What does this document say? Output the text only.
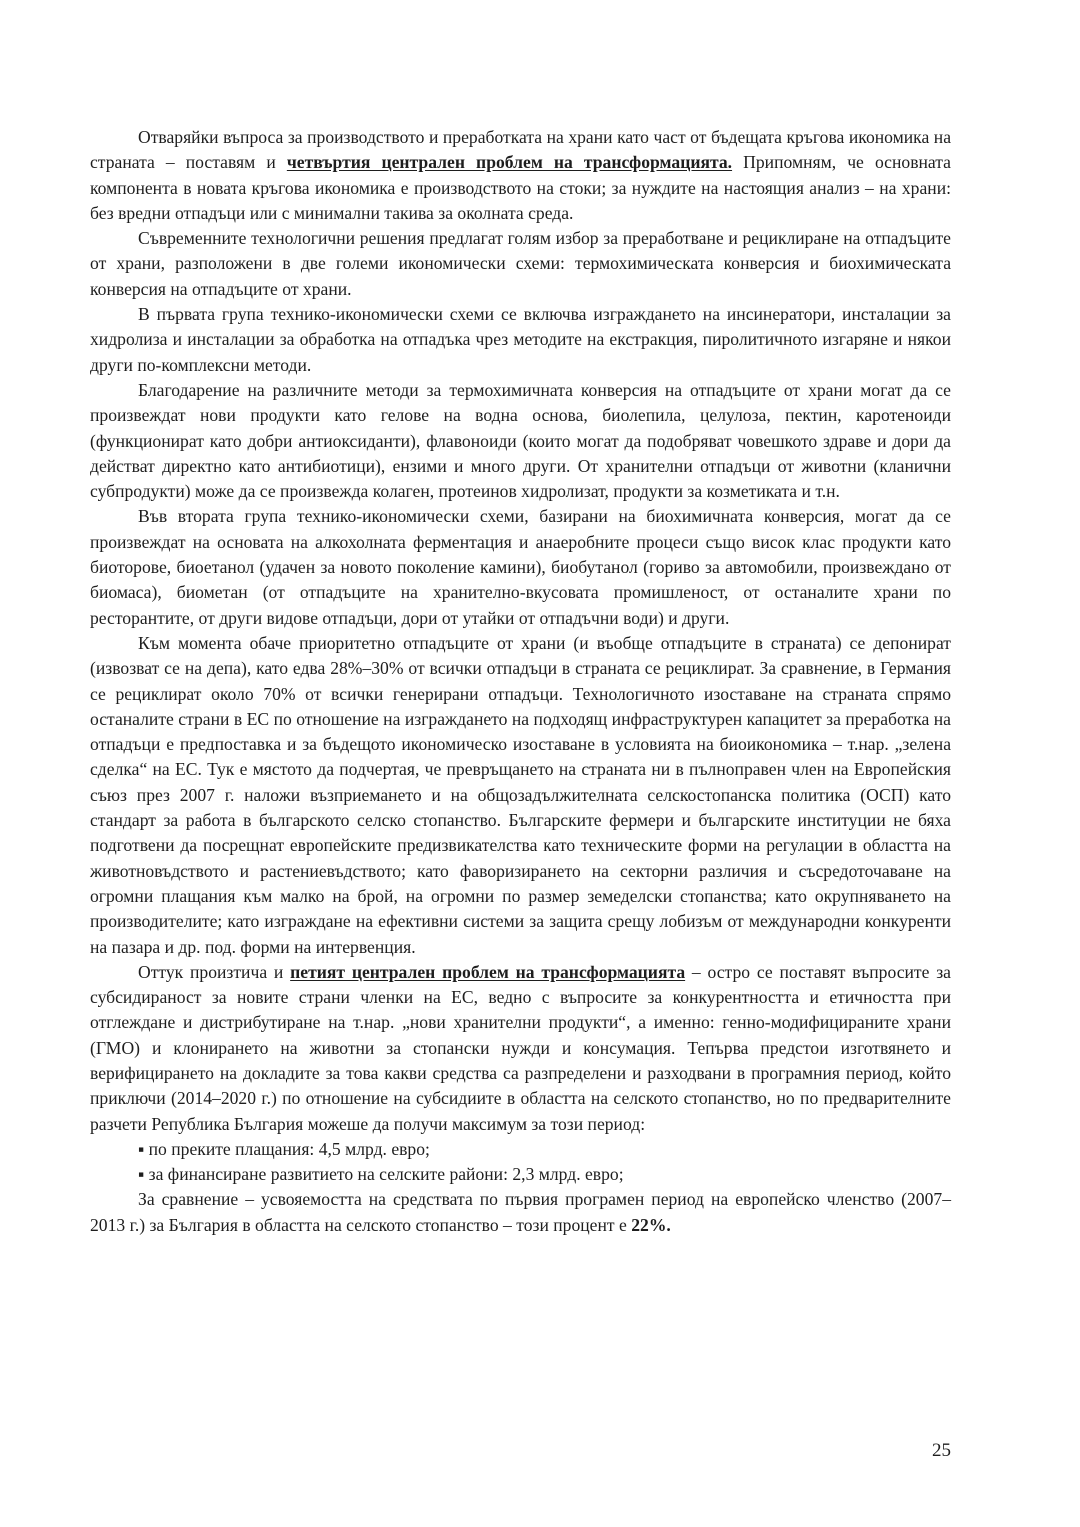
Отваряйки въпроса за производството и преработката на храни като част от бъдещата кръгова икономика на страната – поставям и четвъртия централен проблем на трансформацията. Припомням, че основната компонента в новата кръгова икономика е производството на стоки; за нуждите на настоящия анализ – на храни: без вредни отпадъци или с минимални такива за околната среда.

Съвременните технологични решения предлагат голям избор за преработване и рециклиране на отпадъците от храни, разположени в две големи икономически схеми: термохимическата конверсия и биохимическата конверсия на отпадъците от храни.

В първата група технико-икономически схеми се включва изграждането на инсинератори, инсталации за хидролиза и инсталации за обработка на отпадъка чрез методите на екстракция, пиролитичното изгаряне и някои други по-комплексни методи.

Благодарение на различните методи за термохимичната конверсия на отпадъците от храни могат да се произвеждат нови продукти като гелове на водна основа, биолепила, целулоза, пектин, каротеноиди (функционират като добри антиоксиданти), флавоноиди (които могат да подобряват човешкото здраве и дори да действат директно като антибиотици), ензими и много други. От хранителни отпадъци от животни (кланични субпродукти) може да се произвежда колаген, протеинов хидролизат, продукти за козметиката и т.н.

Във втората група технико-икономически схеми, базирани на биохимичната конверсия, могат да се произвеждат на основата на алкохолната ферментация и анаеробните процеси също висок клас продукти като биоторове, биоетанол (удачен за новото поколение камини), биобутанол (гориво за автомобили, произвеждано от биомаса), биометан (от отпадъците на хранително-вкусовата промишленост, от останалите храни по ресторантите, от други видове отпадъци, дори от утайки от отпадъчни води) и други.

Към момента обаче приоритетно отпадъците от храни (и въобще отпадъците в страната) се депонират (извозват се на депа), като едва 28%–30% от всички отпадъци в страната се рециклират. За сравнение, в Германия се рециклират около 70% от всички генерирани отпадъци. Технологичното изоставане на страната спрямо останалите страни в ЕС по отношение на изграждането на подходящ инфраструктурен капацитет за преработка на отпадъци е предпоставка и за бъдещото икономическо изоставане в условията на биоикономика – т.нар. „зелена сделка“ на ЕС. Тук е мястото да подчертая, че превръщането на страната ни в пълноправен член на Европейския съюз през 2007 г. наложи възприемането и на общозадължителната селскостопанска политика (ОСП) като стандарт за работа в българското селско стопанство. Българските фермери и българските институции не бяха подготвени да посрещнат европейските предизвикателства като техническите форми на регулации в областта на животновъдството и растениевъдството; като фаворизирането на секторни различия и съсредоточаване на огромни плащания към малко на брой, на огромни по размер земеделски стопанства; като окрупняването на производителите; като изграждане на ефективни системи за защита срещу лобизъм от международни конкуренти на пазара и др. под. форми на интервенция.

Оттук произтича и петият централен проблем на трансформацията – остро се поставят въпросите за субсидираност за новите страни членки на ЕС, ведно с въпросите за конкурентността и етичността при отглеждане и дистрибутиране на т.нар. „нови хранителни продукти“, а именно: генно-модифицираните храни (ГМО) и клонирането на животни за стопански нужди и консумация. Тепърва предстои изготвянето и верифицирането на докладите за това какви средства са разпределени и разходвани в програмния период, който приключи (2014–2020 г.) по отношение на субсидиите в областта на селското стопанство, но по предварителните разчети Република България можеше да получи максимум за този период:

▪ по преките плащания: 4,5 млрд. евро;

▪ за финансиране развитието на селските райони: 2,3 млрд. евро;

За сравнение – усвояемостта на средствата по първия програмен период на европейско членство (2007–2013 г.) за България в областта на селското стопанство – този процент е 22%.

25
